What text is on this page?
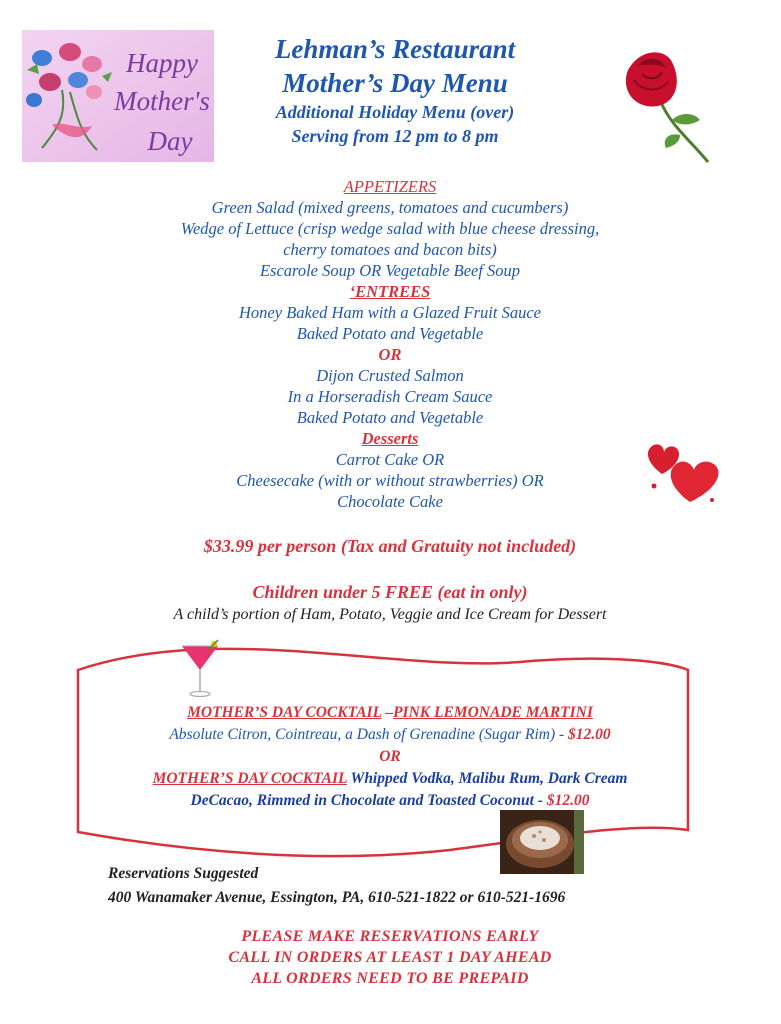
Happy
Mother's
Day
Lehman’s Restaurant
Mother’s Day Menu
Additional Holiday Menu (over)
Serving from 12 pm to 8 pm
APPETIZERS
Green Salad (mixed greens, tomatoes and cucumbers)
Wedge of Lettuce (crisp wedge salad with blue cheese dressing,
cherry tomatoes and bacon bits)
Escarole Soup OR Vegetable Beef Soup
‘ENTREES
Honey Baked Ham with a Glazed Fruit Sauce
Baked Potato and Vegetable
OR
Dijon Crusted Salmon
In a Horseradish Cream Sauce
Baked Potato and Vegetable
Desserts
Carrot Cake OR
Cheesecake (with or without strawberries) OR
Chocolate Cake
$33.99 per person (Tax and Gratuity not included)
Children under 5 FREE (eat in only)
A child’s portion of Ham, Potato, Veggie and Ice Cream for Dessert
MOTHER’S DAY COCKTAIL –PINK LEMONADE MARTINI
Absolute Citron, Cointreau, a Dash of Grenadine (Sugar Rim) - $12.00
OR
MOTHER’S DAY COCKTAIL Whipped Vodka, Malibu Rum, Dark Cream
DeCacao, Rimmed in Chocolate and Toasted Coconut - $12.00
Reservations Suggested
400 Wanamaker Avenue, Essington, PA, 610-521-1822 or 610-521-1696
PLEASE MAKE RESERVATIONS EARLY
CALL IN ORDERS AT LEAST 1 DAY AHEAD
ALL ORDERS NEED TO BE PREPAID
